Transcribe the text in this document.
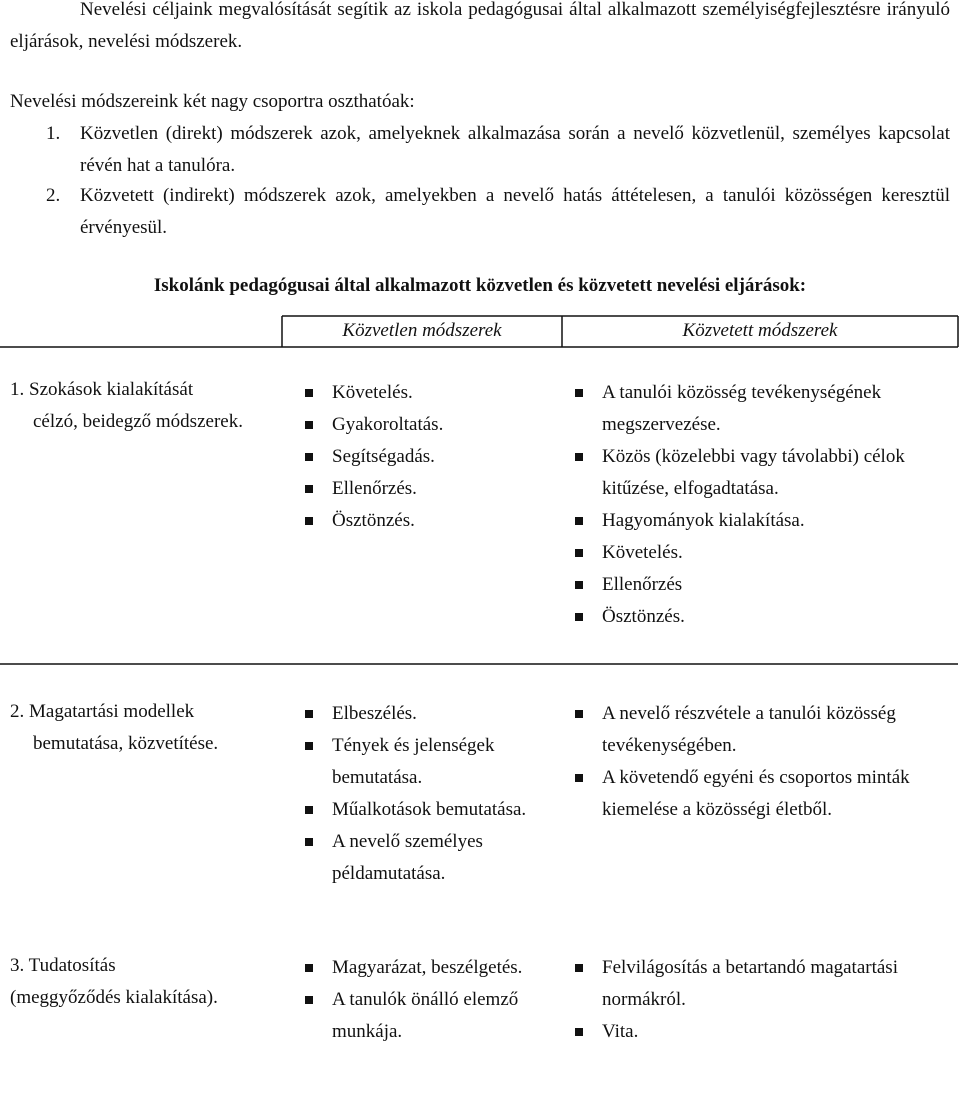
Nevelési céljaink megvalósítását segítik az iskola pedagógusai által alkalmazott személyiségfejlesztésre irányuló eljárások, nevelési módszerek.

Nevelési módszereink két nagy csoportra oszthatóak:

1. Közvetlen (direkt) módszerek azok, amelyeknek alkalmazása során a nevelő közvetlenül, személyes kapcsolat révén hat a tanulóra.
2. Közvetett (indirekt) módszerek azok, amelyekben a nevelő hatás áttételesen, a tanulói közösségen keresztül érvényesül.

Iskolánk pedagógusai által alkalmazott közvetlen és közvetett nevelési eljárások:

Közvetlen módszerek	Közvetett módszerek
1. Szokások kialakítását
célzó, beidegző módszerek.
Követelés.
Gyakoroltatás.
Segítségadás.
Ellenőrzés.
Ösztönzés.
A tanulói közösség tevékenységének megszervezése.
Közös (közelebbi vagy távolabbi) célok kitűzése, elfogadtatása.
Hagyományok kialakítása.
Követelés.
Ellenőrzés
Ösztönzés.
2. Magatartási modellek
bemutatása, közvetítése.
Elbeszélés.
Tények és jelenségek bemutatása.
Műalkotások bemutatása.
A nevelő személyes példamutatása.
A nevelő részvétele a tanulói közösség tevékenységében.
A követendő egyéni és csoportos minták kiemelése a közösségi életből.
3. Tudatosítás
(meggyőződés kialakítása).
Magyarázat, beszélgetés.
A tanulók önálló elemző munkája.
Felvilágosítás a betartandó magatartási normákról.
Vita.
